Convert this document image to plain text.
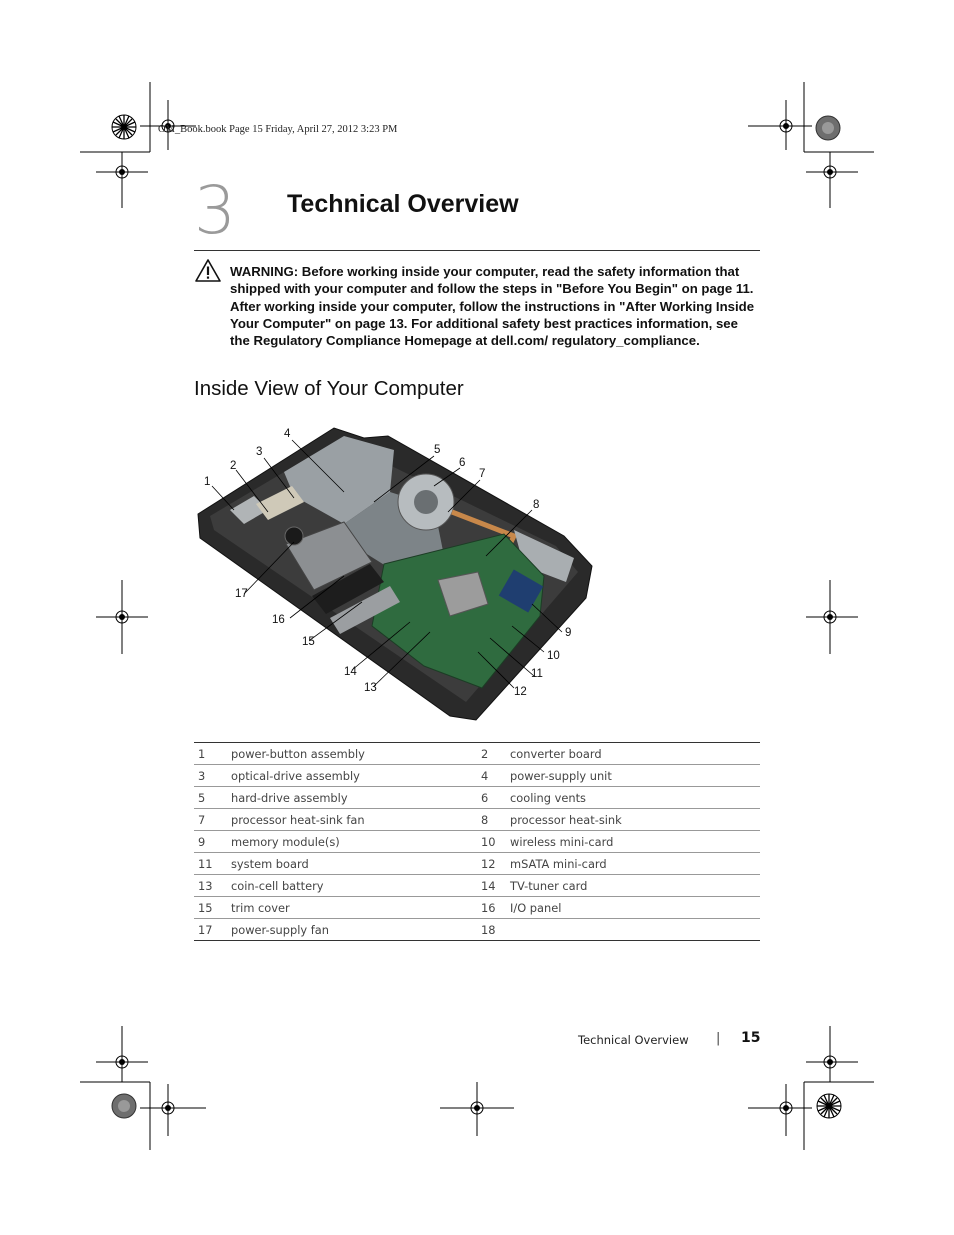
OM_Book.book Page 15 Friday, April 27, 2012 3:23 PM
3 Technical Overview
WARNING: Before working inside your computer, read the safety information that shipped with your computer and follow the steps in "Before You Begin" on page 11. After working inside your computer, follow the instructions in "After Working Inside Your Computer" on page 13. For additional safety best practices information, see the Regulatory Compliance Homepage at dell.com/ regulatory_compliance.
Inside View of Your Computer
1
2
3
4
5
6
7
8
9
10
11
12
13
14
15
16
17
1	power-button assembly	2	converter board
3	optical-drive assembly	4	power-supply unit
5	hard-drive assembly	6	cooling vents
7	processor heat-sink fan	8	processor heat-sink
9	memory module(s)	10	wireless mini-card
11	system board	12	mSATA mini-card
13	coin-cell battery	14	TV-tuner card
15	trim cover	16	I/O panel
17	power-supply fan	18	
Technical Overview | 15
